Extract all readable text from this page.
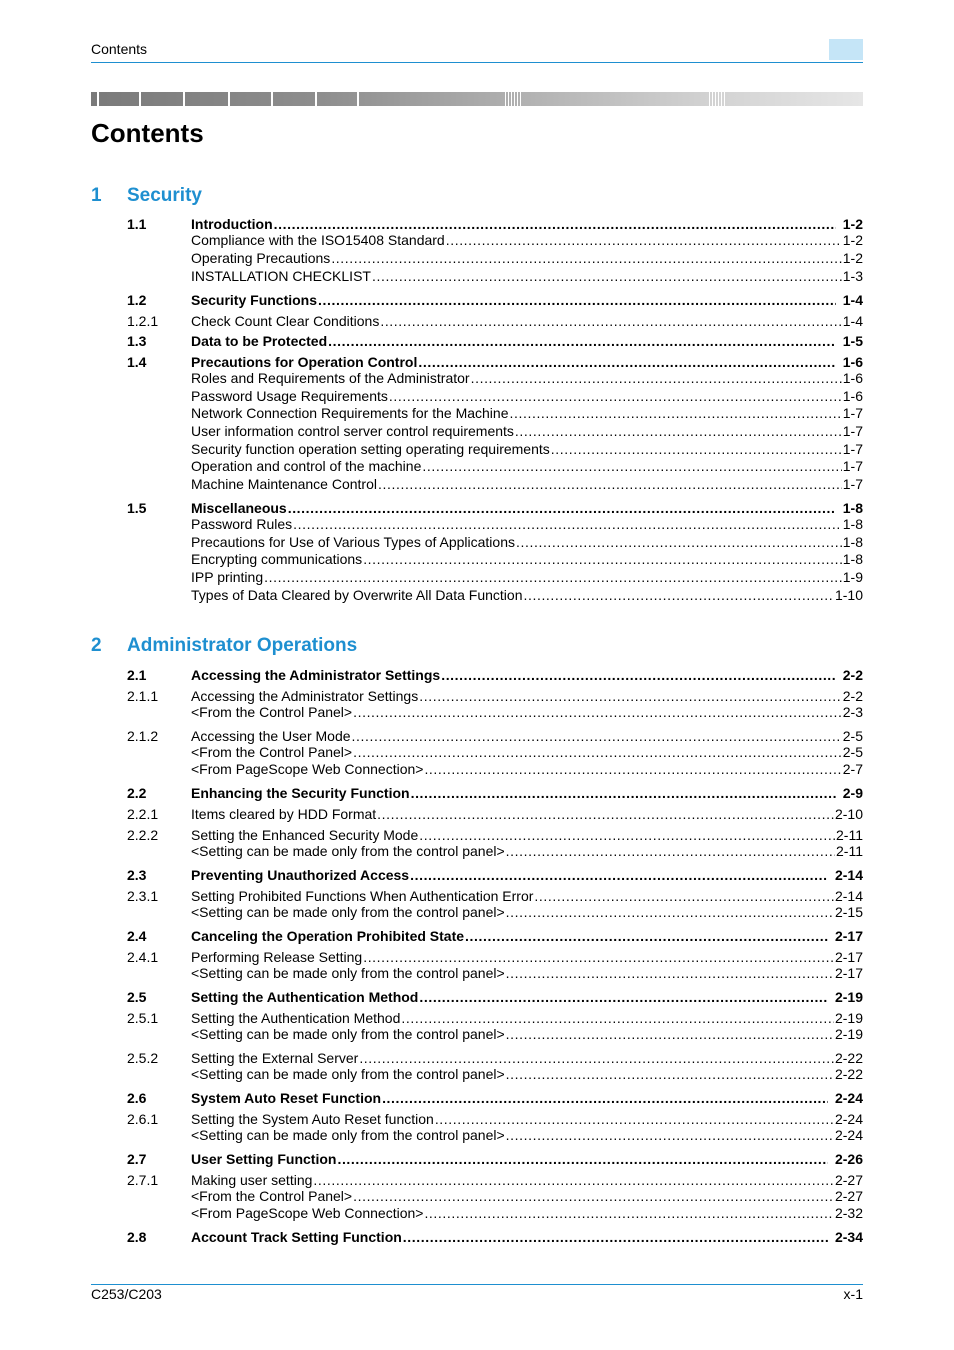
Contents
Contents
1 Security
2 Administrator Operations
1.1	Introduction .....	1-2
Compliance with the ISO15408 Standard .....	1-2
Operating Precautions .....	1-2
INSTALLATION CHECKLIST .....	1-3
1.2	Security Functions .....	1-4
1.2.1 Check Count Clear Conditions .....	1-4
1.3	Data to be Protected .....	1-5
1.4	Precautions for Operation Control .....	1-6
Roles and Requirements of the Administrator .....	1-6
Password Usage Requirements .....	1-6
Network Connection Requirements for the Machine .....	1-7
User information control server control requirements .....	1-7
Security function operation setting operating requirements .....	1-7
Operation and control of the machine .....	1-7
Machine Maintenance Control .....	1-7
1.5	Miscellaneous .....	1-8
Password Rules .....	1-8
Precautions for Use of Various Types of Applications .....	1-8
Encrypting communications .....	1-8
IPP printing .....	1-9
Types of Data Cleared by Overwrite All Data Function .....	1-10
2.1	Accessing the Administrator Settings .....	2-2
2.1.1 Accessing the Administrator Settings .....	2-2
<From the Control Panel> .....	2-3
2.1.2 Accessing the User Mode .....	2-5
<From the Control Panel> .....	2-5
<From PageScope Web Connection> .....	2-7
2.2	Enhancing the Security Function .....	2-9
2.2.1 Items cleared by HDD Format .....	2-10
2.2.2 Setting the Enhanced Security Mode .....	2-11
<Setting can be made only from the control panel> .....	2-11
2.3	Preventing Unauthorized Access .....	2-14
2.3.1 Setting Prohibited Functions When Authentication Error .....	2-14
<Setting can be made only from the control panel> .....	2-15
2.4	Canceling the Operation Prohibited State .....	2-17
2.4.1 Performing Release Setting .....	2-17
<Setting can be made only from the control panel> .....	2-17
2.5	Setting the Authentication Method .....	2-19
2.5.1 Setting the Authentication Method .....	2-19
<Setting can be made only from the control panel> .....	2-19
2.5.2 Setting the External Server .....	2-22
<Setting can be made only from the control panel> .....	2-22
2.6	System Auto Reset Function .....	2-24
2.6.1 Setting the System Auto Reset function .....	2-24
<Setting can be made only from the control panel> .....	2-24
2.7	User Setting Function .....	2-26
2.7.1 Making user setting .....	2-27
<From the Control Panel> .....	2-27
<From PageScope Web Connection> .....	2-32
2.8	Account Track Setting Function .....	2-34
C253/C203	x-1
